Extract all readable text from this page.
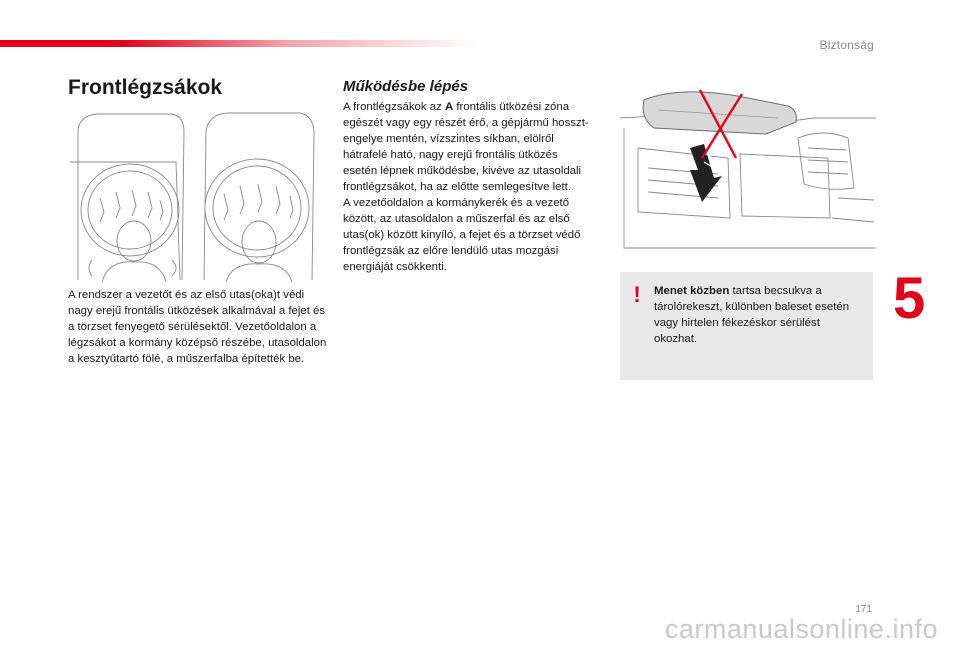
Biztonság
Frontlégzsákok
A rendszer a vezetőt és az első utas(oka)t védi nagy erejű frontális ütközések alkalmával a fejet és a törzset fenyegető sérülésektől. Vezetőoldalon a légzsákot a kormány középső részébe, utasoldalon a kesztyűtartó fölé, a műszerfalba építették be.
Működésbe lépés

A frontlégzsákok az A frontális ütközési zóna egészét vagy egy részét érő, a gépjármű hossztengelye mentén, vízszintes síkban, elölről hátrafelé ható, nagy erejű frontális ütközés esetén lépnek működésbe, kivéve az utasoldali frontlégzsákot, ha az előtte semlegesítve lett.

A vezetőoldalon a kormánykerék és a vezető között, az utasoldalon a műszerfal és az első utas(ok) között kinyíló, a fejet és a törzset védő frontlégzsák az előre lendülő utas mozgási energiáját csökkenti.

! Menet közben tartsa becsukva a tárolórekeszt, különben baleset esetén vagy hirtelen fékezéskor sérülést okozhat.
5
171
carmanualsonline.info
